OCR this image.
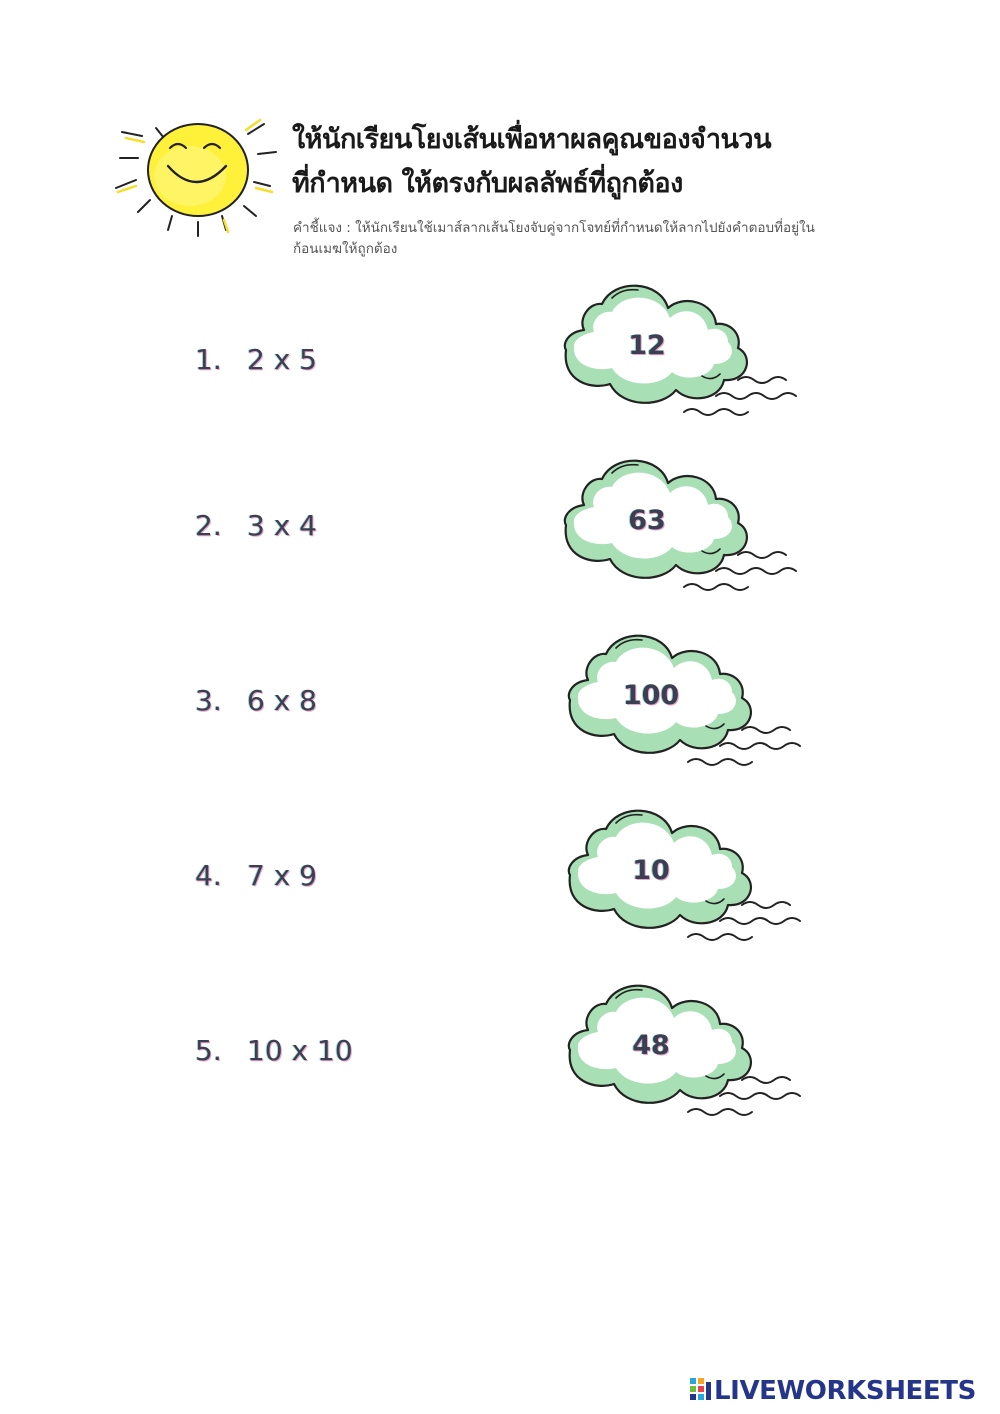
ให้นักเรียนโยงเส้นเพื่อหาผลคูณของจำนวน
ที่กำหนด ให้ตรงกับผลลัพธ์ที่ถูกต้อง

คำชี้แจง : ให้นักเรียนใช้เมาส์ลากเส้นโยงจับคู่จากโจทย์ที่กำหนดให้ลากไปยังคำตอบที่อยู่ใน
ก้อนเมฆให้ถูกต้อง

1. 2 x 5
2. 3 x 4
3. 6 x 8
4. 7 x 9
5. 10 x 10
12
63
100
10
48
LIVEWORKSHEETS
